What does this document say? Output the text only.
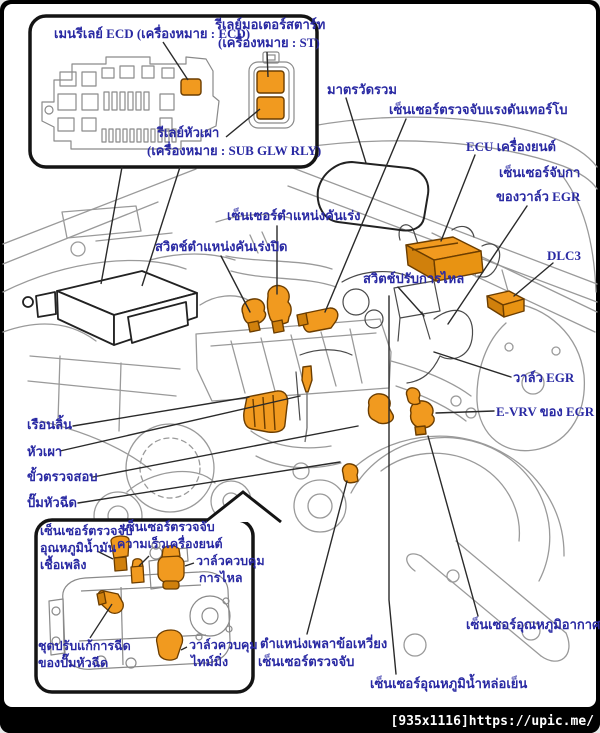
เมนรีเลย์ ECD (เครื่องหมาย : ECD)
รีเลย์มอเตอร์สตาร์ท
(เครื่องหมาย : ST)
รีเลย์หัวเผา
(เครื่องหมาย : SUB GLW RLY)
มาตรวัดรวม
เซ็นเซอร์ตรวจจับแรงดันเทอร์โบ
ECU เครื่องยนต์
เซ็นเซอร์จับกา
ของวาล์ว EGR
เซ็นเซอร์ตำแหน่งคันเร่ง
สวิตช์ตำแหน่งคันเร่งปิด
สวิตช์ปรับการไหล
DLC3
วาล์ว EGR
E-VRV ของ EGR
เรือนลิ้น
หัวเผา
ขั้วตรวจสอบ
ปั๊มหัวฉีด
เซ็นเซอร์อุณหภูมิอากาศ
ตำแหน่งเพลาข้อเหวี่ยง
เซ็นเซอร์ตรวจจับ
เซ็นเซอร์อุณหภูมิน้ำหล่อเย็น
เซ็นเซอร์ตรวจจับ
อุณหภูมิน้ำมัน
เชื้อเพลิง
เซ็นเซอร์ตรวจจับ
ความเร็วเครื่องยนต์
วาล์วควบคุม
การไหล
ชุดปรับแก้การฉีด
ของปั๊มหัวฉีด
วาล์วควบคุม
ไทม์มิ่ง
[935x1116]https://upic.me/
